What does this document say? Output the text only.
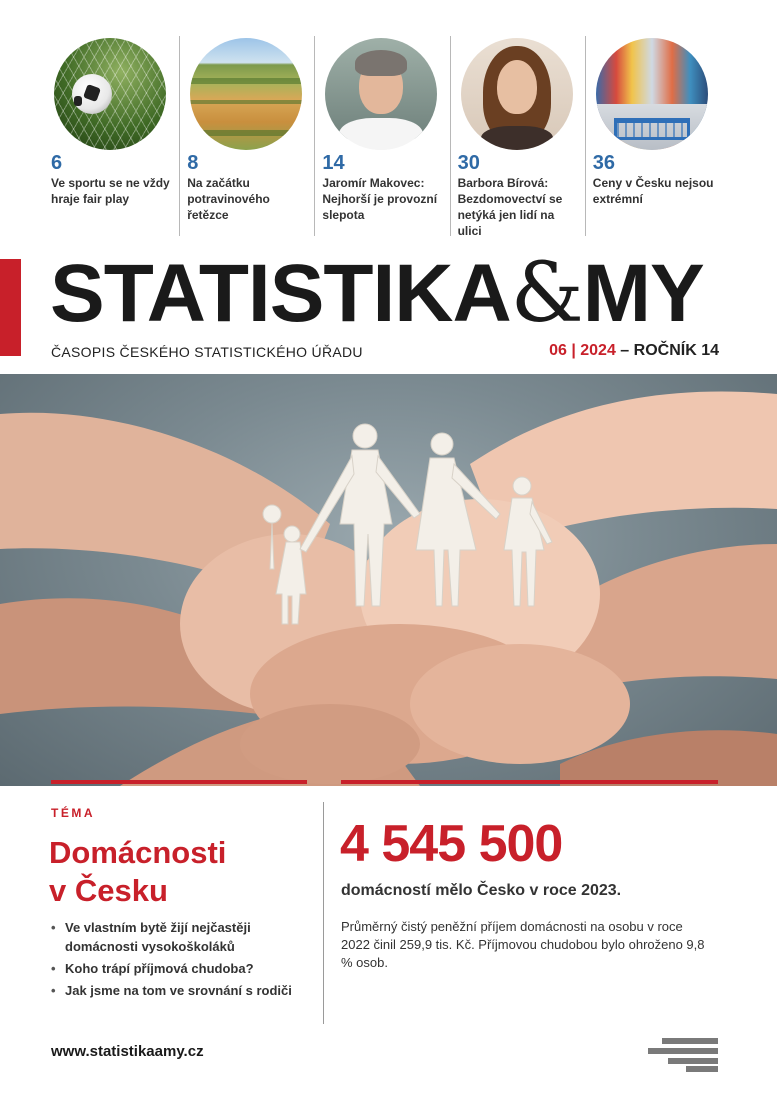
6
Ve sportu se ne vždy hraje fair play
8
Na začátku potravinového řetězce
14
Jaromír Makovec: Nejhorší je provozní slepota
30
Barbora Bírová: Bezdomovectví se netýká jen lidí na ulici
36
Ceny v Česku nejsou extrémní
STATISTIKA&MY
ČASOPIS ČESKÉHO STATISTICKÉHO ÚŘADU	06 | 2024 – ROČNÍK 14
TÉMA
Domácnosti
v Česku
• Ve vlastním bytě žijí nejčastěji domácnosti vysokoškoláků
• Koho trápí příjmová chudoba?
• Jak jsme na tom ve srovnání s rodiči
4 545 500
domácností mělo Česko v roce 2023.
Průměrný čistý peněžní příjem domácnosti na osobu v roce 2022 činil 259,9 tis. Kč. Příjmovou chudobou bylo ohroženo 9,8 % osob.
www.statistikaamy.cz
